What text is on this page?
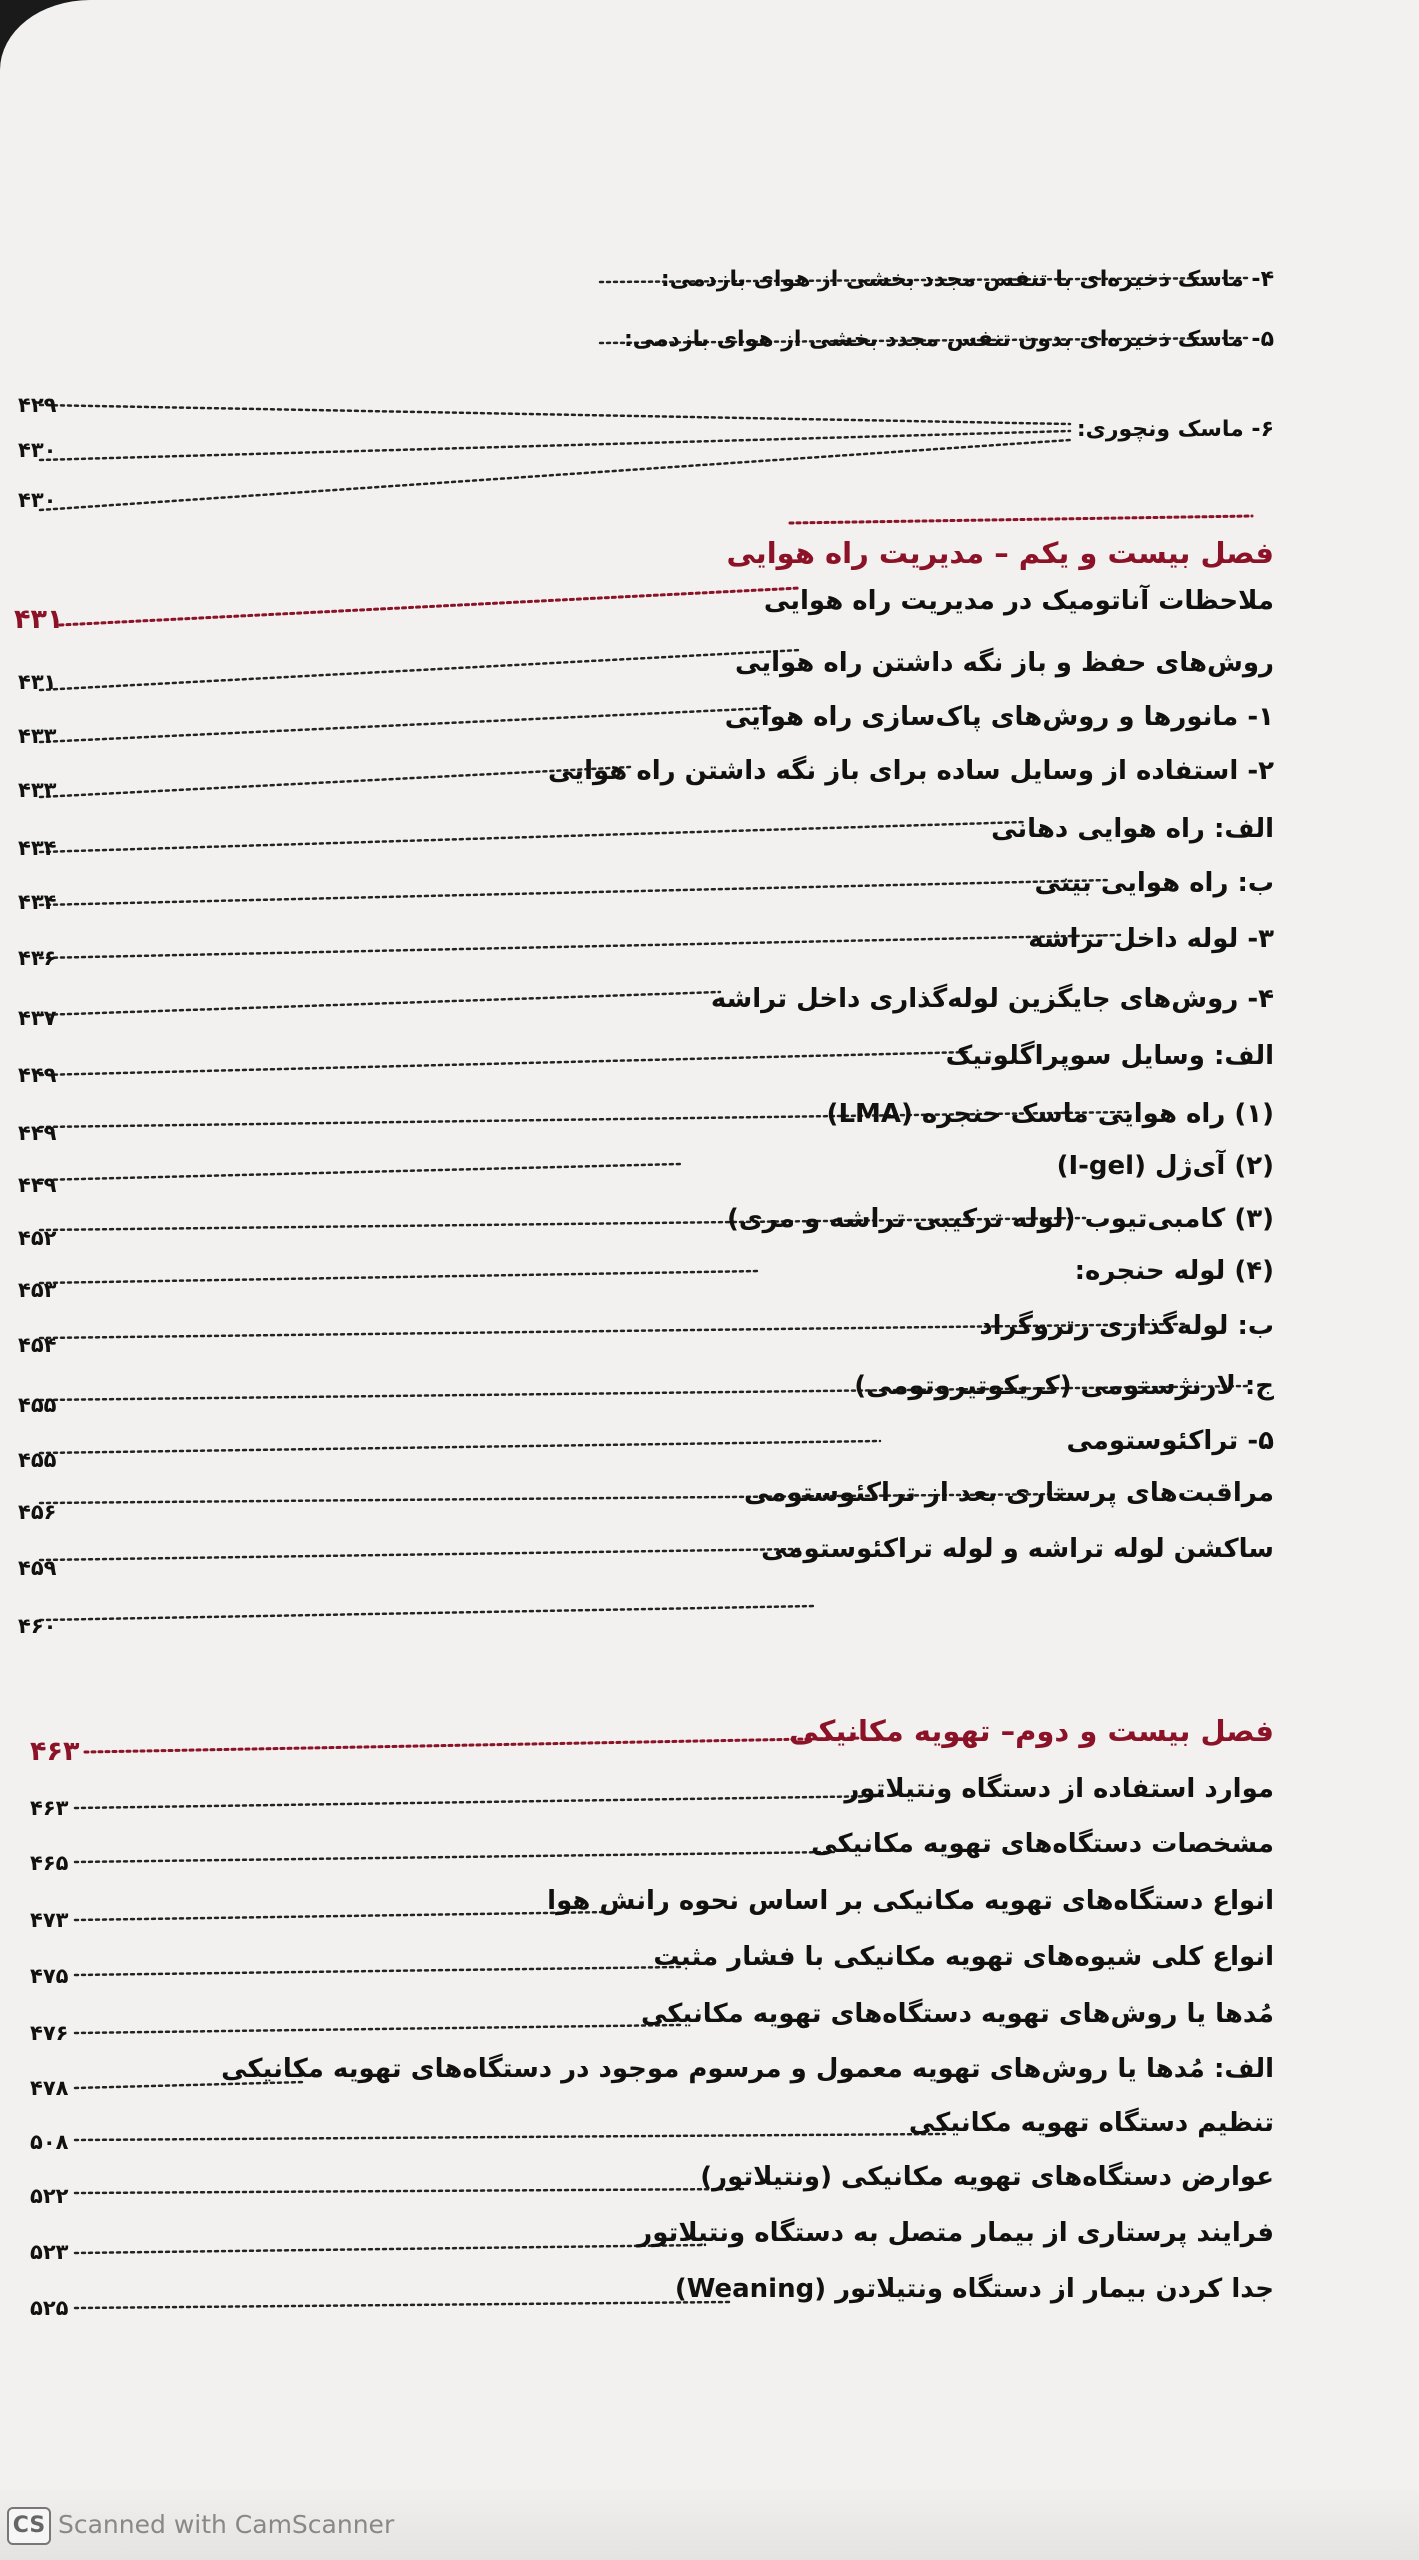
۴- ماسک ذخیره‌ای با تنفس مجدد بخشی از هوای بازدمی:
۵- ماسک ذخیره‌ای بدون تنفس مجدد بخشی از هوای بازدمی:
۴۲۹
۶- ماسک ونچوری:
۴۳۰
۴۳۰
فصل بیست و یکم – مدیریت راه هوایی
ملاحظات آناتومیک در مدیریت راه هوایی
۴۳۱
روش‌های حفظ و باز نگه داشتن راه هوایی
۴۳۱
۱- مانورها و روش‌های پاک‌سازی راه هوایی
۴۳۳
۲- استفاده از وسایل ساده برای باز نگه داشتن راه هوایی
۴۳۳
الف: راه هوایی دهانی
۴۳۴
ب: راه هوایی بینی
۴۳۴
۳- لوله داخل تراشه
۴۳۶
۴- روش‌های جایگزین لوله‌گذاری داخل تراشه
۴۳۷
الف: وسایل سوپراگلوتیک
۴۴۹
(۱) راه هوایی ماسک حنجره (LMA)
۴۴۹
(۲) آی‌ژل (I-gel)
۴۴۹
(۳) کامبی‌تیوب (لوله ترکیبی تراشه و مری)
۴۵۲
(۴) لوله حنجره:
۴۵۳
ب: لوله‌گذاری رتروگراد
۴۵۴
ج: لارنژستومی (کریکوتیروتومی)
۴۵۵
۵- تراکئوستومی
۴۵۵
مراقبت‌های پرستاری بعد از تراکئوستومی
۴۵۶
ساکشن لوله تراشه و لوله تراکئوستومی
۴۵۹
۴۶۰
فصل بیست و دوم– تهویه مکانیکی
۴۶۳
موارد استفاده از دستگاه ونتیلاتور
۴۶۳
مشخصات دستگاه‌های تهویه مکانیکی
۴۶۵
انواع دستگاه‌های تهویه مکانیکی بر اساس نحوه رانش هوا
۴۷۳
انواع کلی شیوه‌های تهویه مکانیکی با فشار مثبت
۴۷۵
مُدها یا روش‌های تهویه دستگاه‌های تهویه مکانیکی
۴۷۶
الف: مُدها یا روش‌های تهویه معمول و مرسوم موجود در دستگاه‌های تهویه مکانیکی
۴۷۸
تنظیم دستگاه تهویه مکانیکی
۵۰۸
عوارض دستگاه‌های تهویه مکانیکی (ونتیلاتور)
۵۲۲
فرایند پرستاری از بیمار متصل به دستگاه ونتیلاتور
۵۲۳
جدا کردن بیمار از دستگاه ونتیلاتور (Weaning)
۵۲۵
CS Scanned with CamScanner
